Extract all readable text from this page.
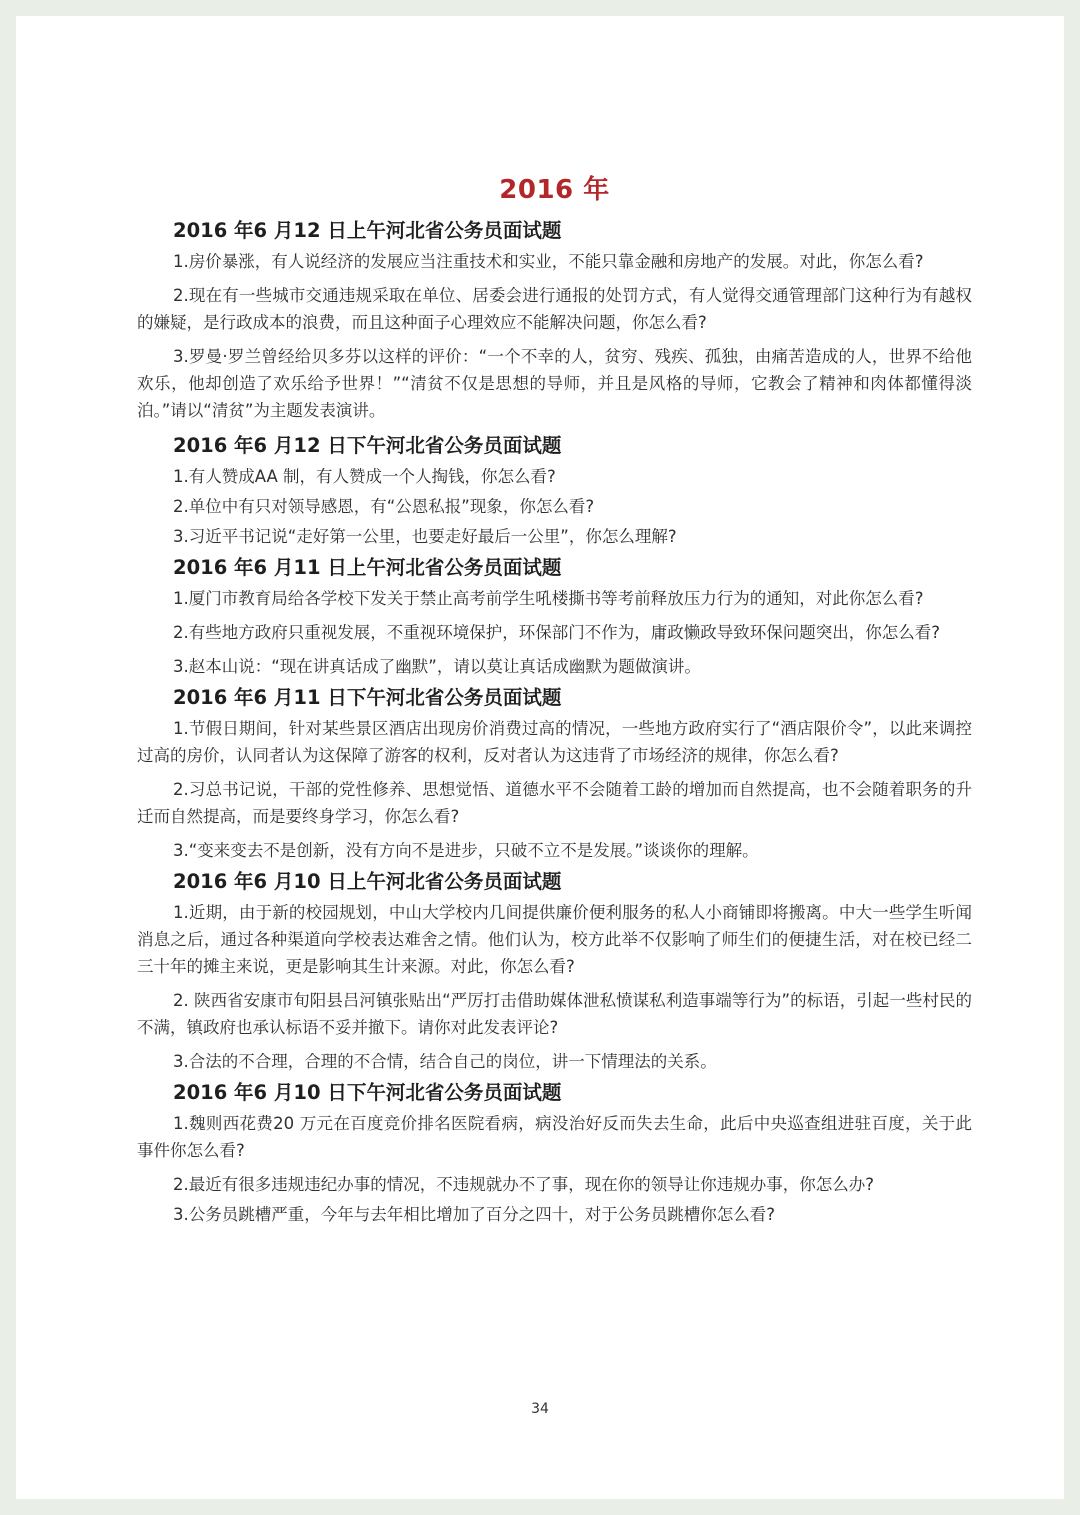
2016 年
2016 年6 月12 日上午河北省公务员面试题

1.房价暴涨，有人说经济的发展应当注重技术和实业，不能只靠金融和房地产的发展。对此，你怎么看?

2.现在有一些城市交通违规采取在单位、居委会进行通报的处罚方式，有人觉得交通管理部门这种行为有越权的嫌疑，是行政成本的浪费，而且这种面子心理效应不能解决问题，你怎么看?

3.罗曼·罗兰曾经给贝多芬以这样的评价：“一个不幸的人，贫穷、残疾、孤独，由痛苦造成的人，世界不给他欢乐，他却创造了欢乐给予世界！”“清贫不仅是思想的导师，并且是风格的导师，它教会了精神和肉体都懂得淡泊。”请以“清贫”为主题发表演讲。

2016 年6 月12 日下午河北省公务员面试题

1.有人赞成AA 制，有人赞成一个人掏钱，你怎么看?

2.单位中有只对领导感恩，有“公恩私报”现象，你怎么看?

3.习近平书记说“走好第一公里，也要走好最后一公里”，你怎么理解?

2016 年6 月11 日上午河北省公务员面试题

1.厦门市教育局给各学校下发关于禁止高考前学生吼楼撕书等考前释放压力行为的通知，对此你怎么看?

2.有些地方政府只重视发展，不重视环境保护，环保部门不作为，庸政懒政导致环保问题突出，你怎么看?

3.赵本山说：“现在讲真话成了幽默”，请以莫让真话成幽默为题做演讲。

2016 年6 月11 日下午河北省公务员面试题

1.节假日期间，针对某些景区酒店出现房价消费过高的情况，一些地方政府实行了“酒店限价令”，以此来调控过高的房价，认同者认为这保障了游客的权利，反对者认为这违背了市场经济的规律，你怎么看?

2.习总书记说，干部的党性修养、思想觉悟、道德水平不会随着工龄的增加而自然提高，也不会随着职务的升迁而自然提高，而是要终身学习，你怎么看?

3.“变来变去不是创新，没有方向不是进步，只破不立不是发展。”谈谈你的理解。

2016 年6 月10 日上午河北省公务员面试题

1.近期，由于新的校园规划，中山大学校内几间提供廉价便利服务的私人小商铺即将搬离。中大一些学生听闻消息之后，通过各种渠道向学校表达难舍之情。他们认为，校方此举不仅影响了师生们的便捷生活，对在校已经二三十年的摊主来说，更是影响其生计来源。对此，你怎么看?

2. 陕西省安康市旬阳县吕河镇张贴出“严厉打击借助媒体泄私愤谋私利造事端等行为”的标语，引起一些村民的不满，镇政府也承认标语不妥并撤下。请你对此发表评论?

3.合法的不合理，合理的不合情，结合自己的岗位，讲一下情理法的关系。

2016 年6 月10 日下午河北省公务员面试题

1.魏则西花费20 万元在百度竞价排名医院看病，病没治好反而失去生命，此后中央巡查组进驻百度，关于此事件你怎么看?

2.最近有很多违规违纪办事的情况，不违规就办不了事，现在你的领导让你违规办事，你怎么办?

3.公务员跳槽严重，今年与去年相比增加了百分之四十，对于公务员跳槽你怎么看?

34
